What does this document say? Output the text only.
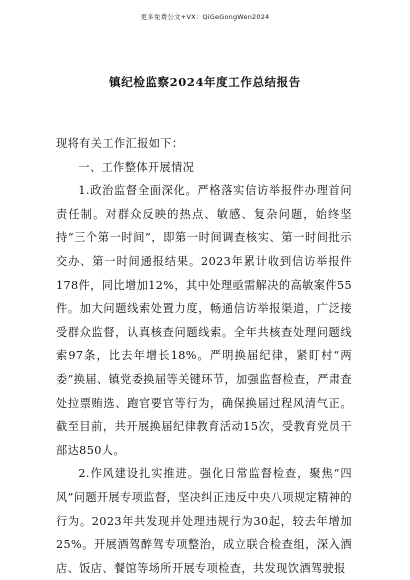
更多免费公文+VX：QiGeGongWen2024
镇纪检监察2024年度工作总结报告

现将有关工作汇报如下：

一、工作整体开展情况

1.政治监督全面深化。严格落实信访举报件办理首问责任制。对群众反映的热点、敏感、复杂问题，始终坚持“三个第一时间”，即第一时间调查核实、第一时间批示交办、第一时间通报结果。2023年累计收到信访举报件178件，同比增加12%，其中处理亟需解决的高敏案件55件。加大问题线索处置力度，畅通信访举报渠道，广泛接受群众监督，认真核查问题线索。全年共核查处理问题线索97条，比去年增长18%。严明换届纪律，紧盯村“两委”换届、镇党委换届等关键环节，加强监督检查，严肃查处拉票贿选、跑官要官等行为，确保换届过程风清气正。截至目前，共开展换届纪律教育活动15次，受教育党员干部达850人。

2.作风建设扎实推进。强化日常监督检查，聚焦“四风”问题开展专项监督，坚决纠正违反中央八项规定精神的行为。2023年共发现并处理违规行为30起，较去年增加25%。开展酒驾醉驾专项整治，成立联合检查组，深入酒店、饭店、餐馆等场所开展专项检查，共发现饮酒驾驶报
